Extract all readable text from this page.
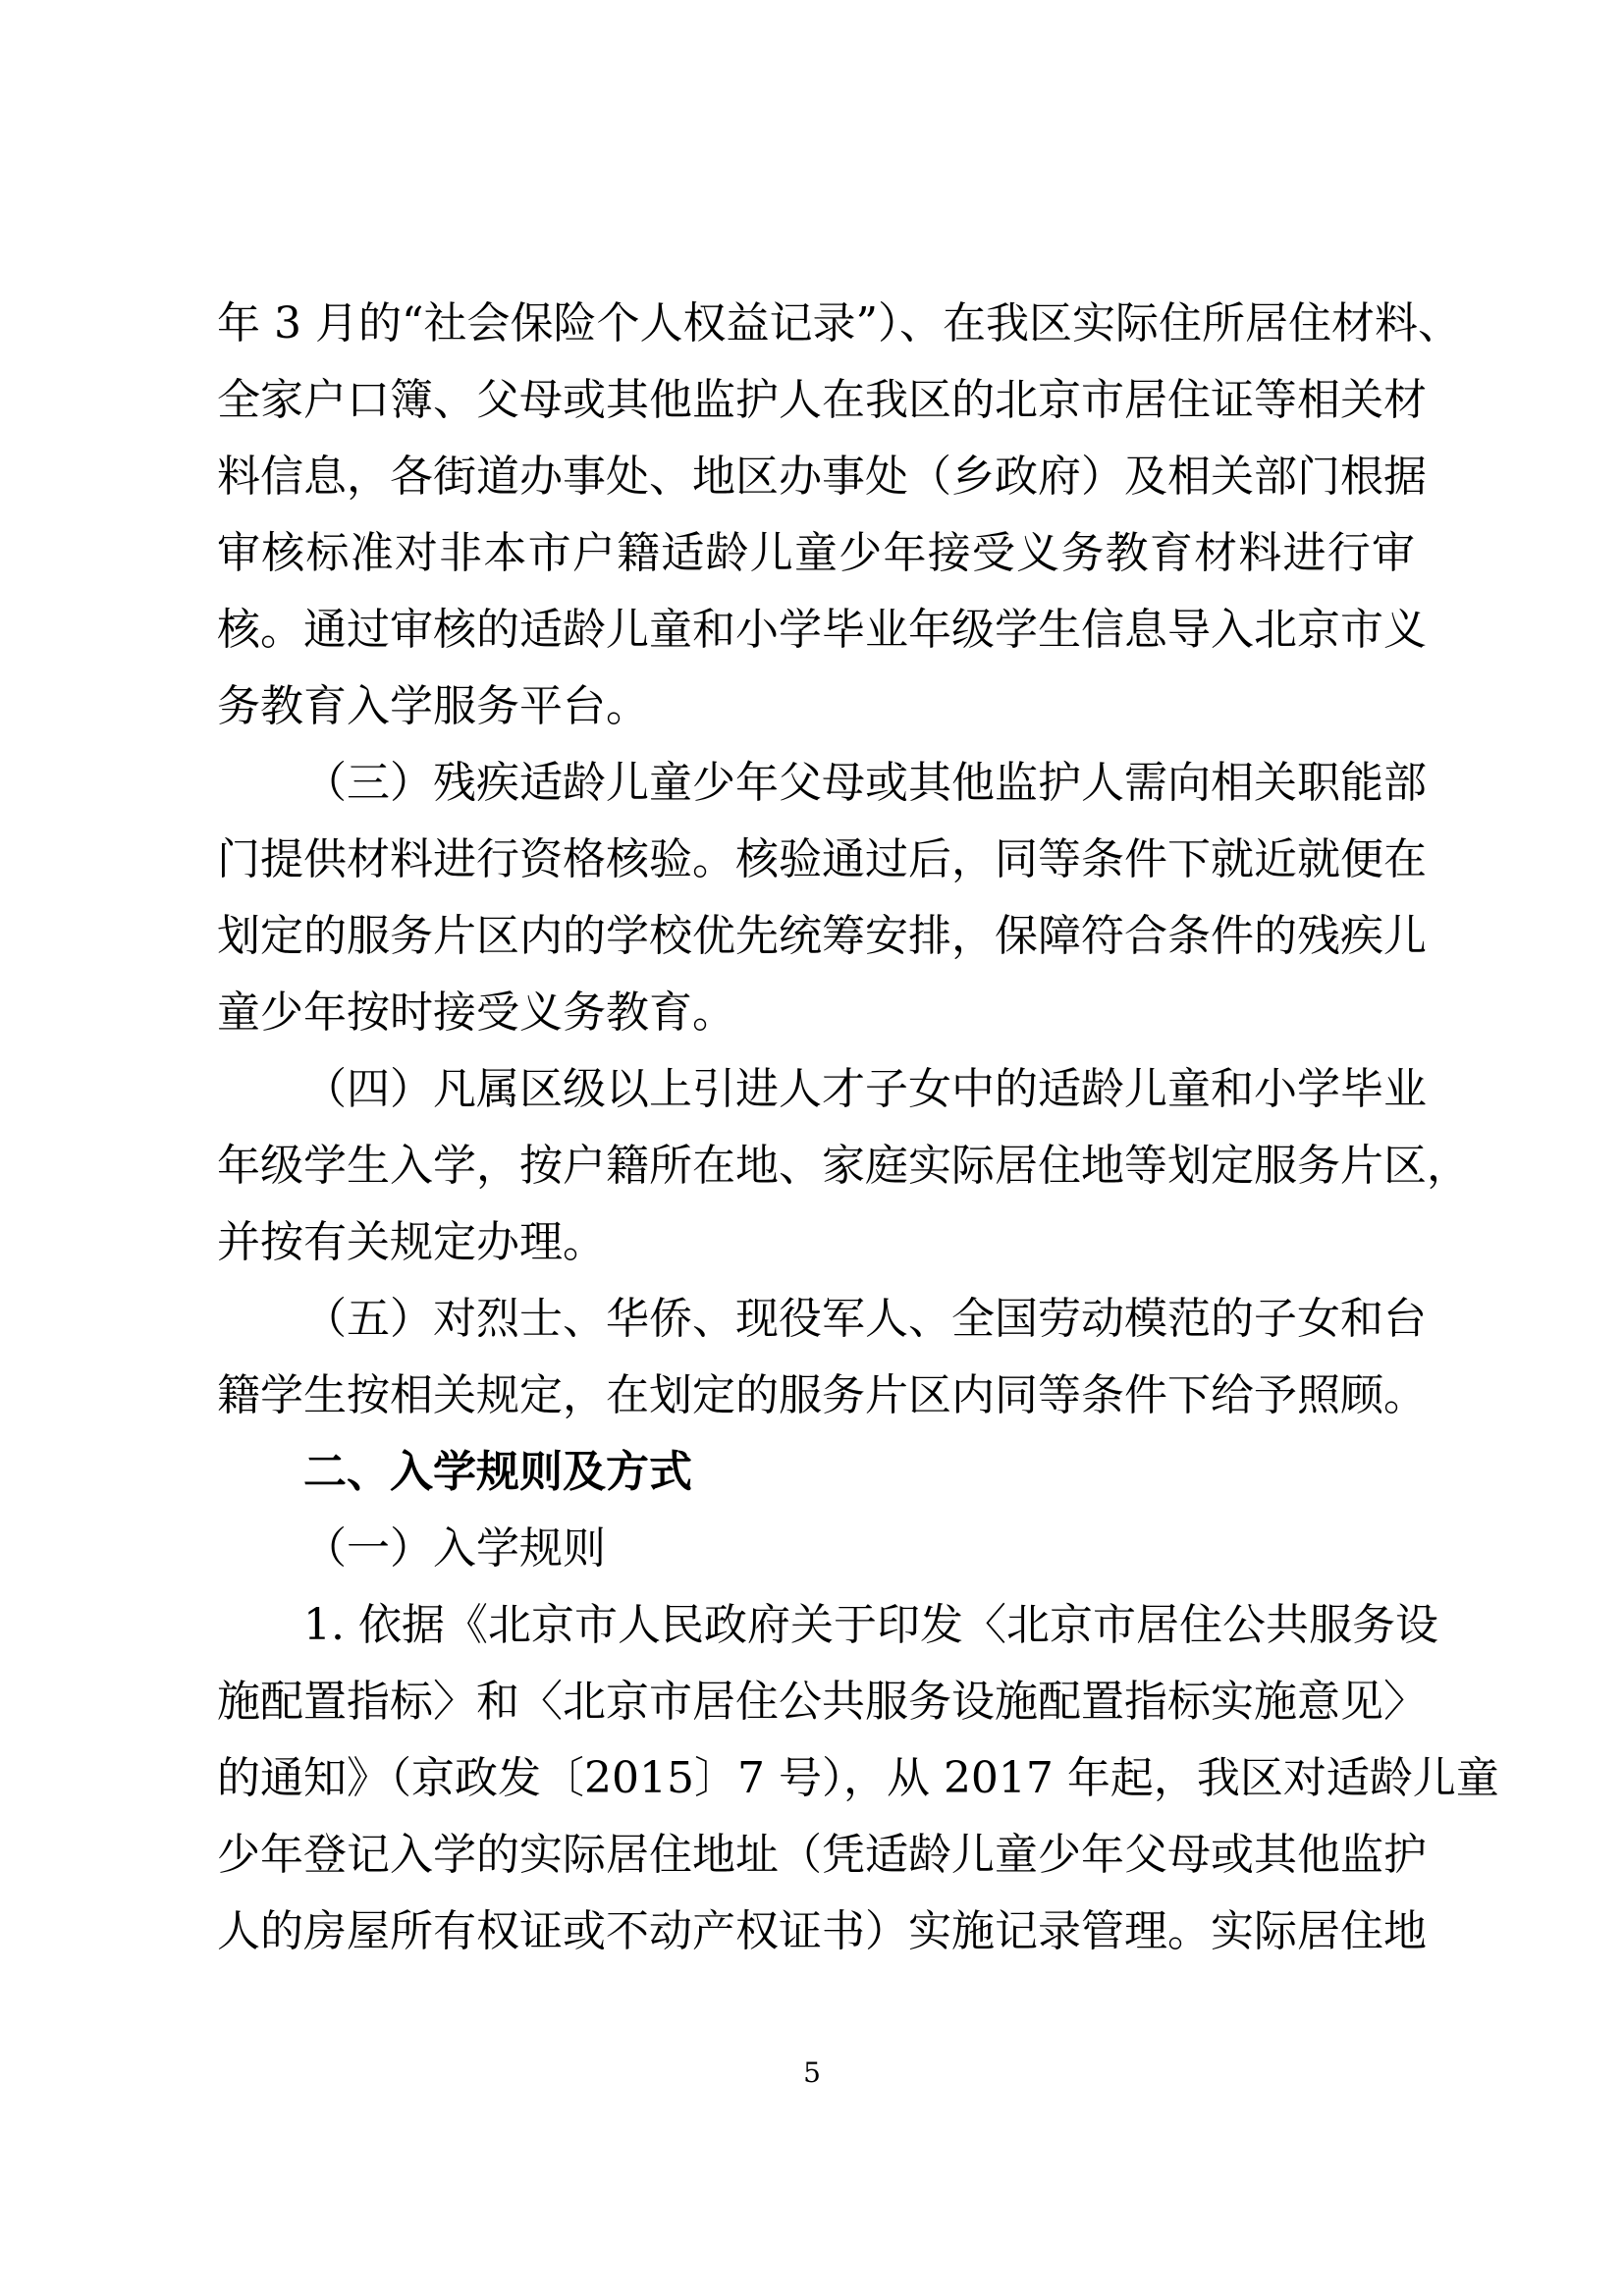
年 3 月的“社会保险个人权益记录”）、在我区实际住所居住材料、
全家户口簿、父母或其他监护人在我区的北京市居住证等相关材
料信息，各街道办事处、地区办事处（乡政府）及相关部门根据
审核标准对非本市户籍适龄儿童少年接受义务教育材料进行审
核。通过审核的适龄儿童和小学毕业年级学生信息导入北京市义
务教育入学服务平台。
（三）残疾适龄儿童少年父母或其他监护人需向相关职能部
门提供材料进行资格核验。核验通过后，同等条件下就近就便在
划定的服务片区内的学校优先统筹安排，保障符合条件的残疾儿
童少年按时接受义务教育。
（四）凡属区级以上引进人才子女中的适龄儿童和小学毕业
年级学生入学，按户籍所在地、家庭实际居住地等划定服务片区，
并按有关规定办理。
（五）对烈士、华侨、现役军人、全国劳动模范的子女和台
籍学生按相关规定，在划定的服务片区内同等条件下给予照顾。
二、入学规则及方式
（一）入学规则
1. 依据《北京市人民政府关于印发〈北京市居住公共服务设
施配置指标〉和〈北京市居住公共服务设施配置指标实施意见〉
的通知》（京政发〔2015〕7 号），从 2017 年起，我区对适龄儿童
少年登记入学的实际居住地址（凭适龄儿童少年父母或其他监护
人的房屋所有权证或不动产权证书）实施记录管理。实际居住地
5
